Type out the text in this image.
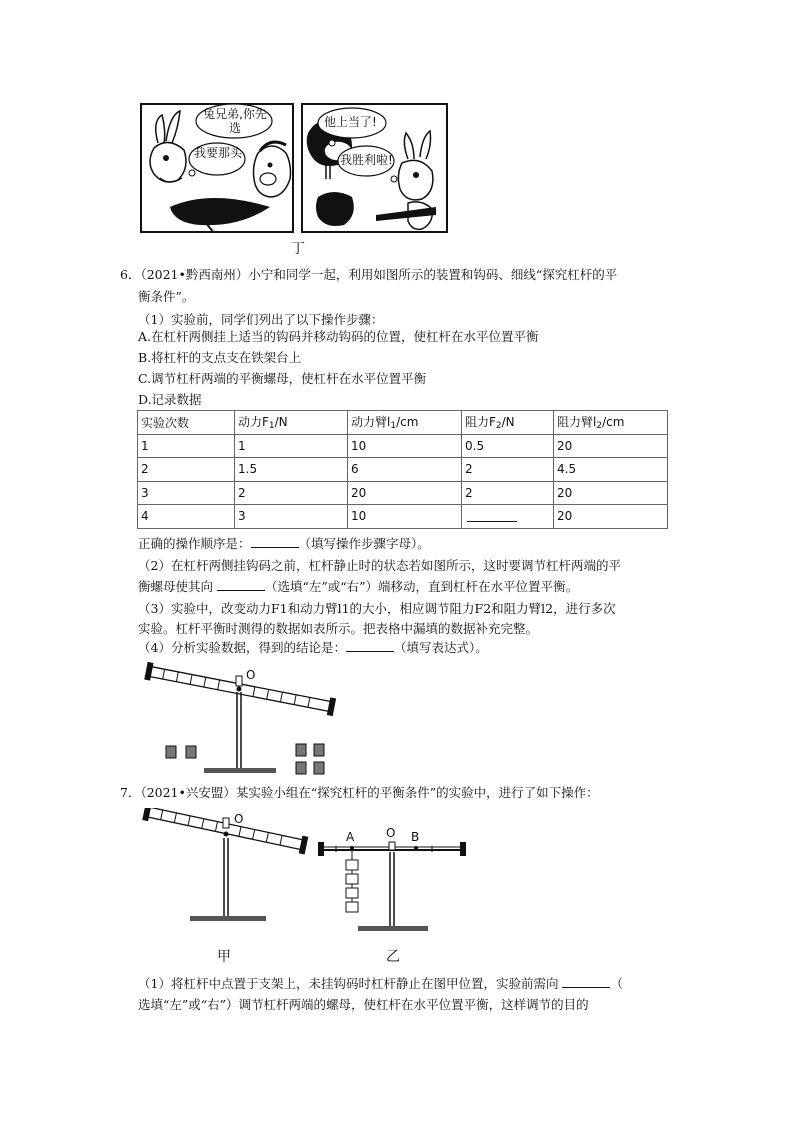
兔兄弟,你先选
我要那头
他上当了!
我胜利啦!
丁
6．（2021•黔西南州）小宁和同学一起，利用如图所示的装置和钩码、细线“探究杠杆的平
衡条件”。
（1）实验前，同学们列出了以下操作步骤：
A.在杠杆两侧挂上适当的钩码并移动钩码的位置，使杠杆在水平位置平衡
B.将杠杆的支点支在铁架台上
C.调节杠杆两端的平衡螺母，使杠杆在水平位置平衡
D.记录数据
实验次数	动力$F_1/N$	动力臂$l_1/cm$	阻力$F_2/N$	阻力臂$l_2/cm$
1	1	10	0.5	20
2	1.5	6	2	4.5
3	2	20	2	20
4	3	10		20
正确的操作顺序是：	（填写操作步骤字母）。
（2）在杠杆两侧挂钩码之前，杠杆静止时的状态若如图所示，这时要调节杠杆两端的平
衡螺母使其向	（选填“左”或“右”）端移动，直到杠杆在水平位置平衡。
（3）实验中，改变动力F1和动力臂l1的大小，相应调节阻力F2和阻力臂l2，进行多次
实验。杠杆平衡时测得的数据如表所示。把表格中漏填的数据补充完整。
（4）分析实验数据，得到的结论是：	（填写表达式）。
O
7．（2021•兴安盟）某实验小组在“探究杠杆的平衡条件”的实验中，进行了如下操作：
O
甲
A	O B
乙
（1）将杠杆中点置于支架上，未挂钩码时杠杆静止在图甲位置，实验前需向	（
选填“左”或“右”）调节杠杆两端的螺母，使杠杆在水平位置平衡，这样调节的目的
